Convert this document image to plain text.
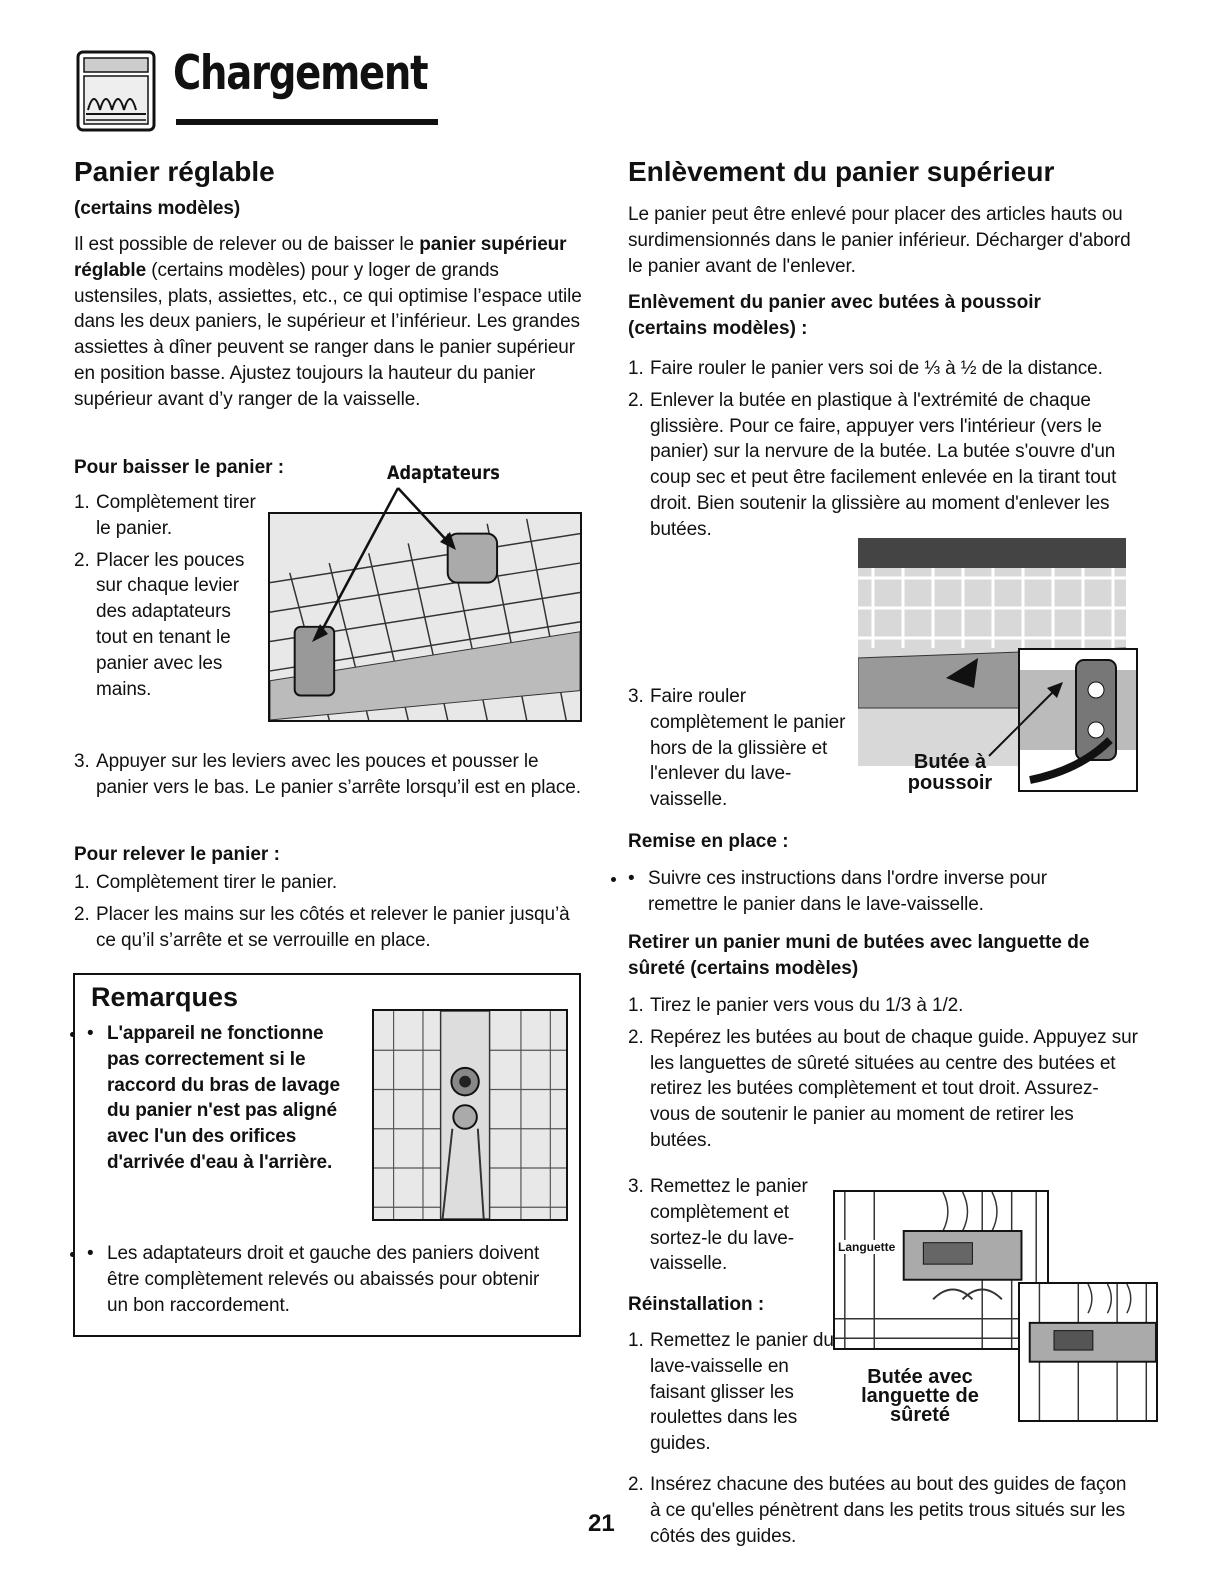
Chargement
Panier réglable
(certains modèles)

Il est possible de relever ou de baisser le panier supérieur réglable (certains modèles) pour y loger de grands ustensiles, plats, assiettes, etc., ce qui optimise l’espace utile dans les deux paniers, le supérieur et l’inférieur. Les grandes assiettes à dîner peuvent se ranger dans le panier supérieur en position basse. Ajustez toujours la hauteur du panier supérieur avant d’y ranger de la vaisselle.

Pour baisser le panier :	Adaptateurs
1. Complètement tirer le panier.
2. Placer les pouces sur chaque levier des adaptateurs tout en tenant le panier avec les mains.
3. Appuyer sur les leviers avec les pouces et pousser le panier vers le bas. Le panier s’arrête lorsqu’il est en place.
Pour relever le panier :
1. Complètement tirer le panier.
2. Placer les mains sur les côtés et relever le panier jusqu’à ce qu’il s’arrête et se verrouille en place.
Remarques
• • L'appareil ne fonctionne pas correctement si le raccord du bras de lavage du panier n'est pas aligné avec l'un des orifices d'arrivée d'eau à l'arrière.
• • Les adaptateurs droit et gauche des paniers doivent être complètement relevés ou abaissés pour obtenir un bon raccordement.
Enlèvement du panier supérieur

Le panier peut être enlevé pour placer des articles hauts ou surdimensionnés dans le panier inférieur. Décharger d'abord le panier avant de l'enlever.

Enlèvement du panier avec butées à poussoir (certains modèles) :
1. Faire rouler le panier vers soi de ⅓ à ½ de la distance.
2. Enlever la butée en plastique à l'extrémité de chaque glissière. Pour ce faire, appuyer vers l'intérieur (vers le panier) sur la nervure de la butée. La butée s'ouvre d'un coup sec et peut être facilement enlevée en la tirant tout droit. Bien soutenir la glissière au moment d'enlever les butées.
Butée à poussoir
3. Faire rouler complètement le panier hors de la glissière et l'enlever du lave-vaisselle.
Remise en place :
• • Suivre ces instructions dans l'ordre inverse pour remettre le panier dans le lave-vaisselle.
Retirer un panier muni de butées avec languette de sûreté (certains modèles)
1. Tirez le panier vers vous du 1/3 à 1/2.
2. Repérez les butées au bout de chaque guide. Appuyez sur les languettes de sûreté situées au centre des butées et retirez les butées complètement et tout droit. Assurez-vous de soutenir le panier au moment de retirer les butées.
Languette
Butée avec languette de sûreté
3. Remettez le panier complètement et sortez-le du lave-vaisselle.
Réinstallation :
1. Remettez le panier du lave-vaisselle en faisant glisser les roulettes dans les guides.
2. Insérez chacune des butées au bout des guides de façon à ce qu'elles pénètrent dans les petits trous situés sur les côtés des guides.
21
